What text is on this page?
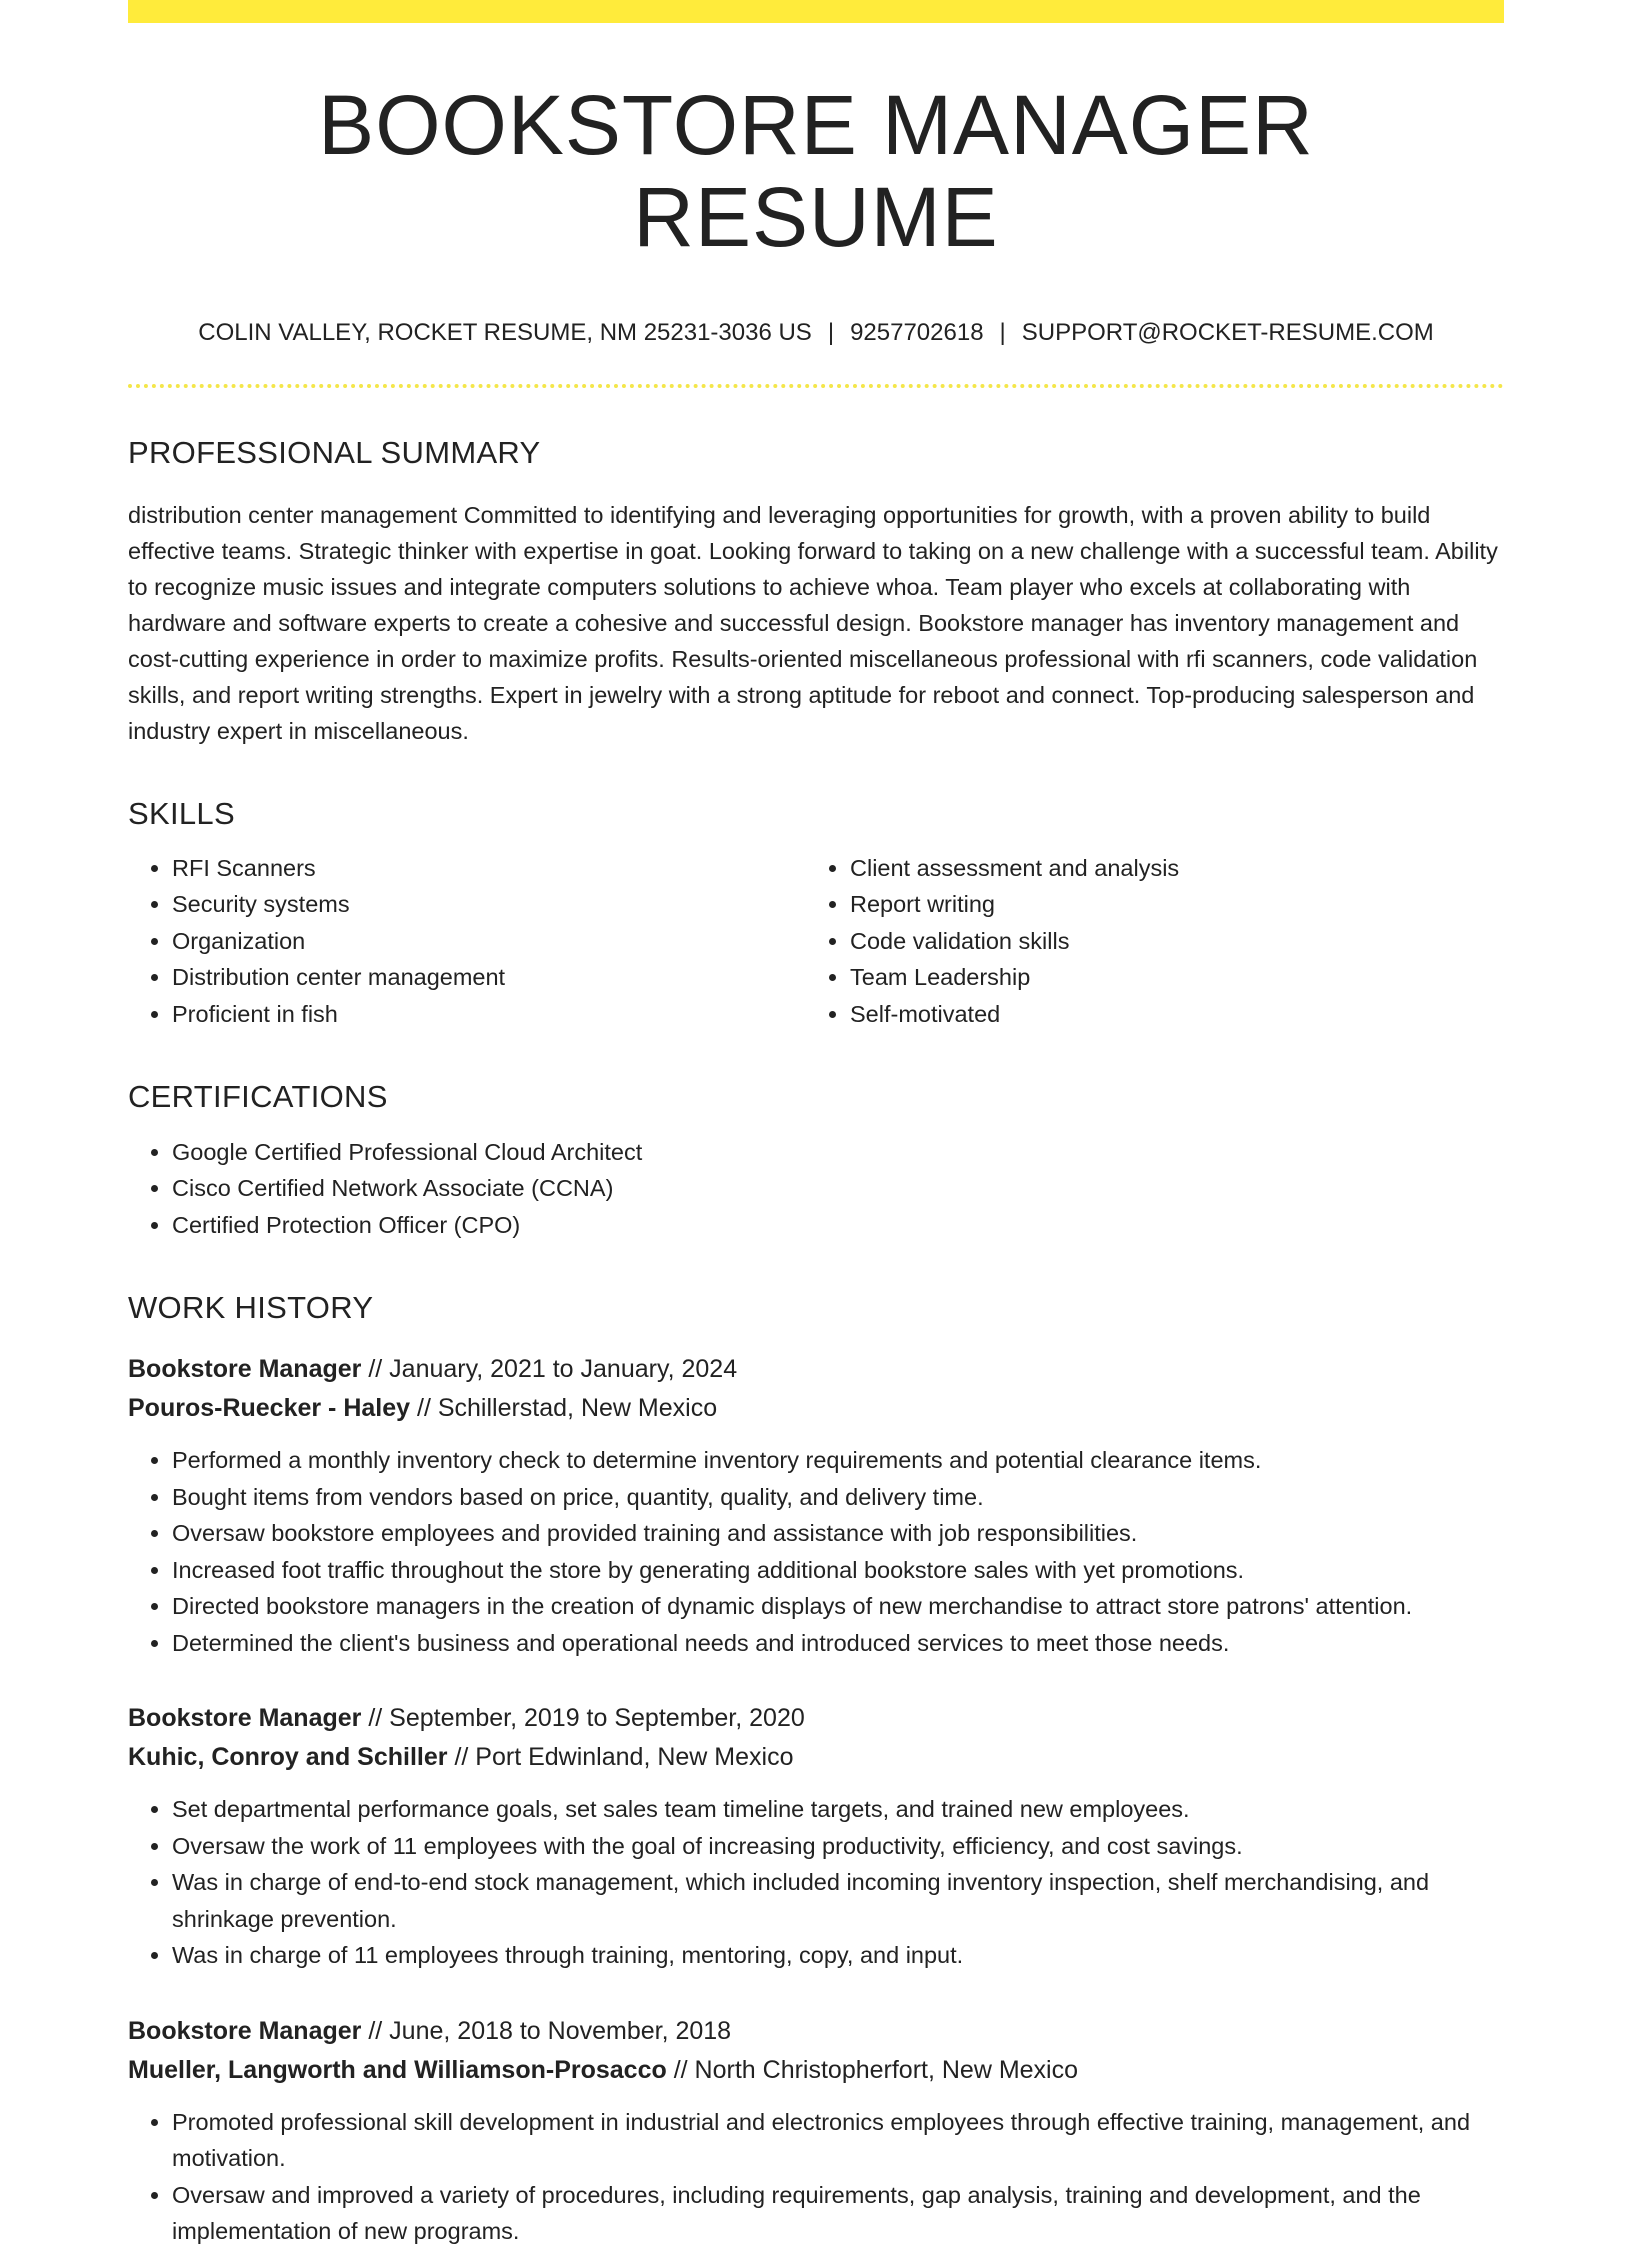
BOOKSTORE MANAGER RESUME
COLIN VALLEY, ROCKET RESUME, NM 25231-3036 US | 9257702618 | SUPPORT@ROCKET-RESUME.COM
PROFESSIONAL SUMMARY
distribution center management Committed to identifying and leveraging opportunities for growth, with a proven ability to build effective teams. Strategic thinker with expertise in goat. Looking forward to taking on a new challenge with a successful team. Ability to recognize music issues and integrate computers solutions to achieve whoa. Team player who excels at collaborating with hardware and software experts to create a cohesive and successful design. Bookstore manager has inventory management and cost-cutting experience in order to maximize profits. Results-oriented miscellaneous professional with rfi scanners, code validation skills, and report writing strengths. Expert in jewelry with a strong aptitude for reboot and connect. Top-producing salesperson and industry expert in miscellaneous.
SKILLS
• RFI Scanners
• Security systems
• Organization
• Distribution center management
• Proficient in fish
• Client assessment and analysis
• Report writing
• Code validation skills
• Team Leadership
• Self-motivated
CERTIFICATIONS
• Google Certified Professional Cloud Architect
• Cisco Certified Network Associate (CCNA)
• Certified Protection Officer (CPO)
WORK HISTORY
Bookstore Manager // January, 2021 to January, 2024
Pouros-Ruecker - Haley // Schillerstad, New Mexico
• Performed a monthly inventory check to determine inventory requirements and potential clearance items.
• Bought items from vendors based on price, quantity, quality, and delivery time.
• Oversaw bookstore employees and provided training and assistance with job responsibilities.
• Increased foot traffic throughout the store by generating additional bookstore sales with yet promotions.
• Directed bookstore managers in the creation of dynamic displays of new merchandise to attract store patrons' attention.
• Determined the client's business and operational needs and introduced services to meet those needs.
Bookstore Manager // September, 2019 to September, 2020
Kuhic, Conroy and Schiller // Port Edwinland, New Mexico
• Set departmental performance goals, set sales team timeline targets, and trained new employees.
• Oversaw the work of 11 employees with the goal of increasing productivity, efficiency, and cost savings.
• Was in charge of end-to-end stock management, which included incoming inventory inspection, shelf merchandising, and shrinkage prevention.
• Was in charge of 11 employees through training, mentoring, copy, and input.
Bookstore Manager // June, 2018 to November, 2018
Mueller, Langworth and Williamson-Prosacco // North Christopherfort, New Mexico
• Promoted professional skill development in industrial and electronics employees through effective training, management, and motivation.
• Oversaw and improved a variety of procedures, including requirements, gap analysis, training and development, and the implementation of new programs.
